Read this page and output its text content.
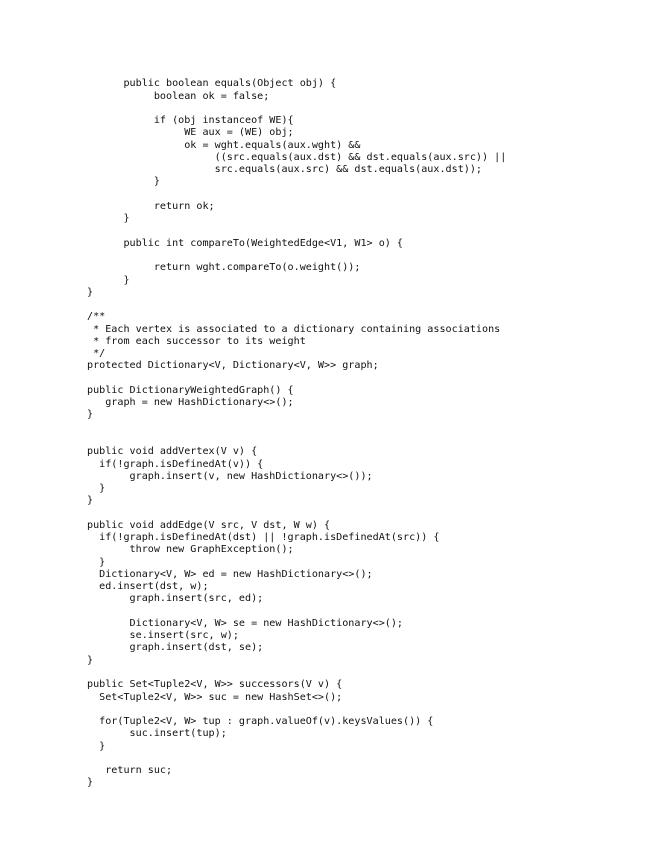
public boolean equals(Object obj) {
boolean ok = false;
if (obj instanceof WE){
WE aux = (WE) obj;
ok = wght.equals(aux.wght) &&
((src.equals(aux.dst) && dst.equals(aux.src)) ||
src.equals(aux.src) && dst.equals(aux.dst));
}
return ok;
}
public int compareTo(WeightedEdge<V1, W1> o) {
return wght.compareTo(o.weight());
}
}
/**
* Each vertex is associated to a dictionary containing associations
* from each successor to its weight
*/
protected Dictionary<V, Dictionary<V, W>> graph;
public DictionaryWeightedGraph() {
graph = new HashDictionary<>();
}
public void addVertex(V v) {
if(!graph.isDefinedAt(v)) {
graph.insert(v, new HashDictionary<>());
}
}
public void addEdge(V src, V dst, W w) {
if(!graph.isDefinedAt(dst) || !graph.isDefinedAt(src)) {
throw new GraphException();
}
Dictionary<V, W> ed = new HashDictionary<>();
ed.insert(dst, w);
graph.insert(src, ed);
Dictionary<V, W> se = new HashDictionary<>();
se.insert(src, w);
graph.insert(dst, se);
}
public Set<Tuple2<V, W>> successors(V v) {
Set<Tuple2<V, W>> suc = new HashSet<>();
for(Tuple2<V, W> tup : graph.valueOf(v).keysValues()) {
suc.insert(tup);
}
return suc;
}
